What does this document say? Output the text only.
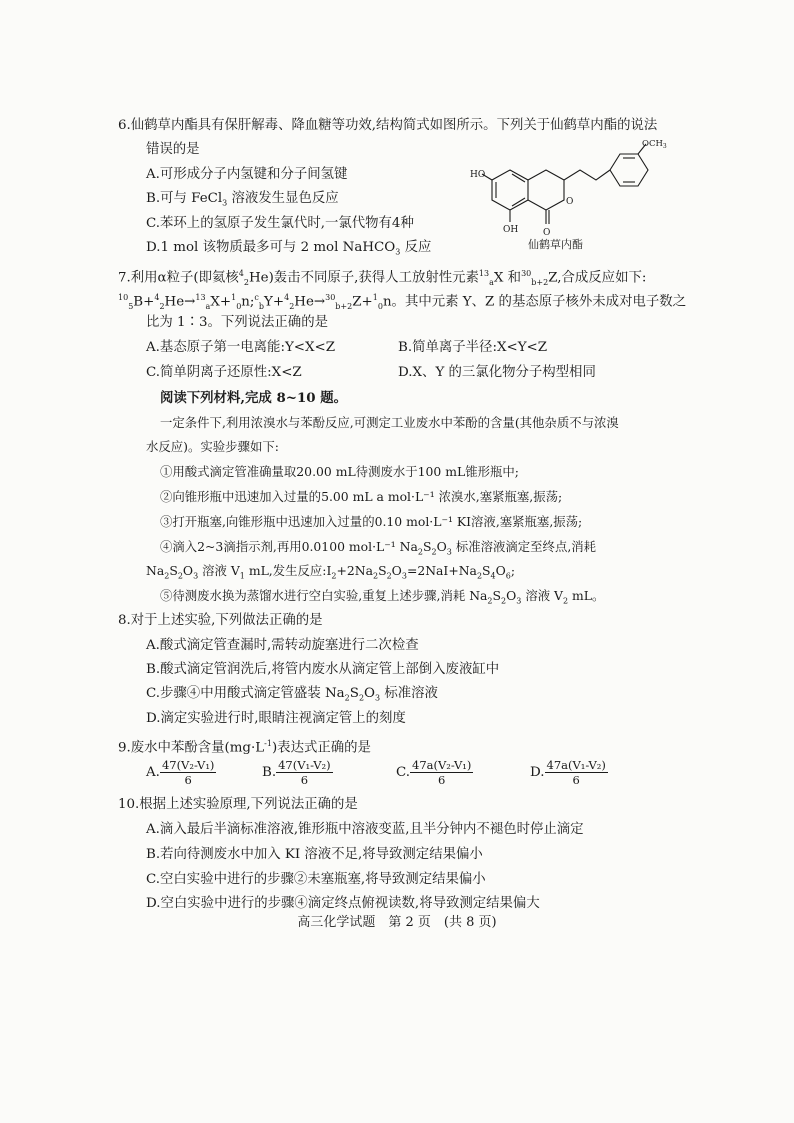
6.仙鹤草内酯具有保肝解毒、降血糖等功效,结构简式如图所示。下列关于仙鹤草内酯的说法
错误的是
A.可形成分子内氢键和分子间氢键
B.可与 FeCl$_3$ 溶液发生显色反应
C.苯环上的氢原子发生氯代时,一氯代物有4种
D.1 mol 该物质最多可与 2 mol NaHCO$_3$ 反应
HO
OH
O
O
$OCH_3$
仙鹤草内酯
7.利用α粒子(即氦核$^4_2$He)轰击不同原子,获得人工放射性元素$^{13}_a$X 和$^{30}_{b+2}$Z,合成反应如下:
$^{10}_5$B+$^4_2$He→$^{13}_a$X+$^1_0$n;$^c_b$Y+$^4_2$He→$^{30}_{b+2}$Z+$^1_0$n。其中元素 Y、Z 的基态原子核外未成对电子数之
比为 1∶3。下列说法正确的是
A.基态原子第一电离能:Y<X<Z	B.简单离子半径:X<Y<Z
C.简单阴离子还原性:X<Z	D.X、Y 的三氯化物分子构型相同
阅读下列材料,完成 8~10 题。
一定条件下,利用浓溴水与苯酚反应,可测定工业废水中苯酚的含量(其他杂质不与浓溴
水反应)。实验步骤如下:
①用酸式滴定管准确量取20.00 mL待测废水于100 mL锥形瓶中;
②向锥形瓶中迅速加入过量的5.00 mL a mol·L⁻¹ 浓溴水,塞紧瓶塞,振荡;
③打开瓶塞,向锥形瓶中迅速加入过量的0.10 mol·L⁻¹ KI溶液,塞紧瓶塞,振荡;
④滴入2~3滴指示剂,再用0.0100 mol·L⁻¹ $Na_2S_2O_3$ 标准溶液滴定至终点,消耗
$Na_2S_2O_3$ 溶液 $V_1$ mL,发生反应$:I_2+2Na_2S_2O_3=2NaI+Na_2S_4O_6$;
⑤待测废水换为蒸馏水进行空白实验,重复上述步骤,消耗 $Na_2S_2O_3$ 溶液 $V_2$ mL。
8.对于上述实验,下列做法正确的是
A.酸式滴定管查漏时,需转动旋塞进行二次检查
B.酸式滴定管润洗后,将管内废水从滴定管上部倒入废液缸中
C.步骤④中用酸式滴定管盛装 $Na_2S_2O_3$ 标准溶液
D.滴定实验进行时,眼睛注视滴定管上的刻度
9.废水中苯酚含量$(mg\cdot L^{-1})$表达式正确的是
A. $\frac{\text{47(V₂-V₁)}}{6}$	B. $\frac{\text{47(V₁-V₂)}}{6}$	C. $\frac{\text{47a(V₂-V₁)}}{6}$	D. $\frac{\text{47a(V₁-V₂)}}{6}$
10.根据上述实验原理,下列说法正确的是
A.滴入最后半滴标准溶液,锥形瓶中溶液变蓝,且半分钟内不褪色时停止滴定
B.若向待测废水中加入 KI 溶液不足,将导致测定结果偏小
C.空白实验中进行的步骤②未塞瓶塞,将导致测定结果偏小
D.空白实验中进行的步骤④滴定终点俯视读数,将导致测定结果偏大
高三化学试题　第 2 页　(共 8 页)
